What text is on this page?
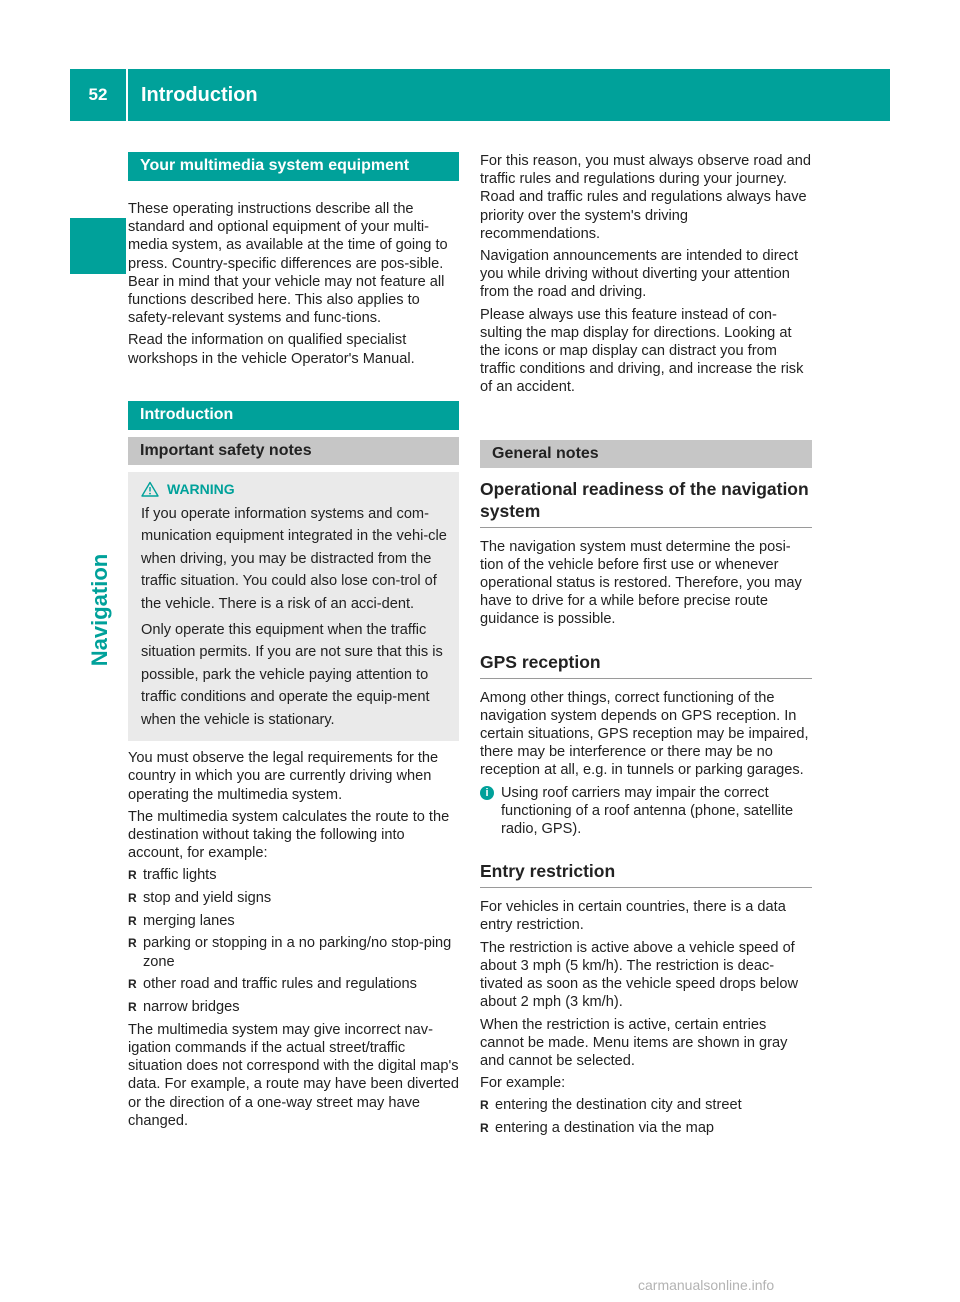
52	Introduction
Navigation
Your multimedia system equipment

These operating instructions describe all the standard and optional equipment of your multi-media system, as available at the time of going to press. Country-specific differences are pos-sible. Bear in mind that your vehicle may not feature all functions described here. This also applies to safety-relevant systems and func-tions.

Read the information on qualified specialist workshops in the vehicle Operator's Manual.

Introduction
Important safety notes
WARNING

If you operate information systems and com-munication equipment integrated in the vehi-cle when driving, you may be distracted from the traffic situation. You could also lose con-trol of the vehicle. There is a risk of an acci-dent.

Only operate this equipment when the traffic situation permits. If you are not sure that this is possible, park the vehicle paying attention to traffic conditions and operate the equip-ment when the vehicle is stationary.

You must observe the legal requirements for the country in which you are currently driving when operating the multimedia system.

The multimedia system calculates the route to the destination without taking the following into account, for example:

R traffic lights
R stop and yield signs
R merging lanes
R parking or stopping in a no parking/no stop-ping zone
R other road and traffic rules and regulations
R narrow bridges

The multimedia system may give incorrect nav-igation commands if the actual street/traffic situation does not correspond with the digital map's data. For example, a route may have been diverted or the direction of a one-way street may have changed.

For this reason, you must always observe road and traffic rules and regulations during your journey. Road and traffic rules and regulations always have priority over the system's driving recommendations.

Navigation announcements are intended to direct you while driving without diverting your attention from the road and driving.

Please always use this feature instead of con-sulting the map display for directions. Looking at the icons or map display can distract you from traffic conditions and driving, and increase the risk of an accident.

General notes
Operational readiness of the navigation system

The navigation system must determine the posi-tion of the vehicle before first use or whenever operational status is restored. Therefore, you may have to drive for a while before precise route guidance is possible.

GPS reception

Among other things, correct functioning of the navigation system depends on GPS reception. In certain situations, GPS reception may be impaired, there may be interference or there may be no reception at all, e.g. in tunnels or parking garages.

i Using roof carriers may impair the correct functioning of a roof antenna (phone, satellite radio, GPS).
Entry restriction

For vehicles in certain countries, there is a data entry restriction.

The restriction is active above a vehicle speed of about 3 mph (5 km/h). The restriction is deac-tivated as soon as the vehicle speed drops below about 2 mph (3 km/h).

When the restriction is active, certain entries cannot be made. Menu items are shown in gray and cannot be selected.

For example:

R entering the destination city and street
R entering a destination via the map
carmanualsonline.info
